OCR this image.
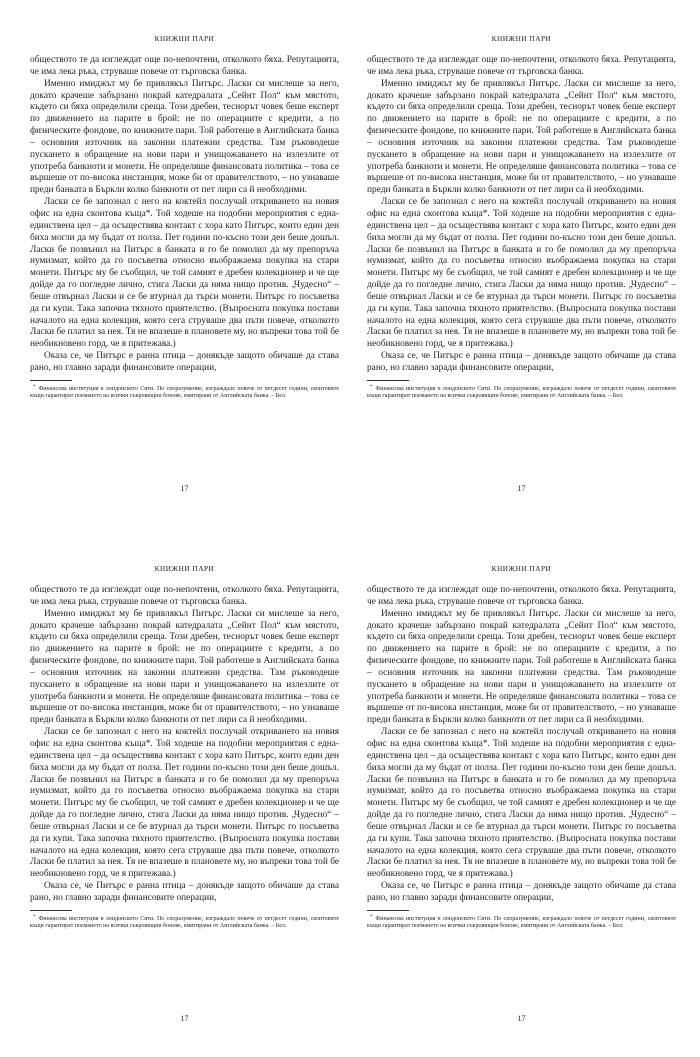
КНИЖНИ ПАРИ

обществото те да изглеждат още по-непочтени, отколкото бяха. Репутацията, че има лека ръка, струваше повече от търговска банка.

Именно имиджът му бе привлякъл Питърс. Ласки си мислеше за него, докато крачеше забързано покрай катедралата „Сейнт Пол“ към мястото, където си бяха определили среща. Този дребен, теснорът човек беше експерт по движението на парите в брой: не по операциите с кредити, а по физическите фондове, по книжните пари. Той работеше в Английската банка – основния източник на законни платежни средства. Там ръководеше пускането в обращение на нови пари и унищожаването на излезлите от употреба банкноти и монети. Не определяше финансовата политика – това се вършеше от по-висока инстанция, може би от правителството, – но узнаваше преди банката в Бъркли колко банкноти от пет лири са й необходими.

Ласки се бе запознал с него на коктейл послучай откриването на новия офис на една сконтова къща*. Той ходеше на подобни мероприятия с една-единствена цел – да осъществява контакт с хора като Питърс, които един ден биха могли да му бъдат от полза. Пет години по-късно този ден беше дошъл. Ласки бе позвънил на Питърс в банката и го бе помолил да му препоръча нумизмат, който да го посъветва относно въображаема покупка на стари монети. Питърс му бе съобщил, че той самият е дребен колекционер и че ще дойде да го погледне лично, стига Ласки да няма нищо против. „Чудесно“ – беше отвърнал Ласки и се бе втурнал да търси монети. Питърс го посъветва да ги купи. Така започна тяхното приятелство. (Въпросната покупка постави началото на една колекция, която сега струваше два пъти повече, отколкото Ласки бе платил за нея. Тя не впазеше в плановете му, но въпреки това той бе необикновено горд, че я притежава.)

Оказа се, че Питърс е ранна птица – донякъде защото обичаше да става рано, но главно заради финансовите операции,

* Финансова институция в лондонското Сити. По споразумение, изграждало повече от петдесет години, сконтовите къщи гарантират поемането на всички съкровищни бонове, емитирани от Английската банка. – Бел.
17
КНИЖНИ ПАРИ

обществото те да изглеждат още по-непочтени, отколкото бяха. Репутацията, че има лека ръка, струваше повече от търговска банка.

Именно имиджът му бе привлякъл Питърс. Ласки си мислеше за него, докато крачеше забързано покрай катедралата „Сейнт Пол“ към мястото, където си бяха определили среща. Този дребен, теснорът човек беше експерт по движението на парите в брой: не по операциите с кредити, а по физическите фондове, по книжните пари. Той работеше в Английската банка – основния източник на законни платежни средства. Там ръководеше пускането в обращение на нови пари и унищожаването на излезлите от употреба банкноти и монети. Не определяше финансовата политика – това се вършеше от по-висока инстанция, може би от правителството, – но узнаваше преди банката в Бъркли колко банкноти от пет лири са й необходими.

Ласки се бе запознал с него на коктейл послучай откриването на новия офис на една сконтова къща*. Той ходеше на подобни мероприятия с една-единствена цел – да осъществява контакт с хора като Питърс, които един ден биха могли да му бъдат от полза. Пет години по-късно този ден беше дошъл. Ласки бе позвънил на Питърс в банката и го бе помолил да му препоръча нумизмат, който да го посъветва относно въображаема покупка на стари монети. Питърс му бе съобщил, че той самият е дребен колекционер и че ще дойде да го погледне лично, стига Ласки да няма нищо против. „Чудесно“ – беше отвърнал Ласки и се бе втурнал да търси монети. Питърс го посъветва да ги купи. Така започна тяхното приятелство. (Въпросната покупка постави началото на една колекция, която сега струваше два пъти повече, отколкото Ласки бе платил за нея. Тя не впазеше в плановете му, но въпреки това той бе необикновено горд, че я притежава.)

Оказа се, че Питърс е ранна птица – донякъде защото обичаше да става рано, но главно заради финансовите операции,

* Финансова институция в лондонското Сити. По споразумение, изграждало повече от петдесет години, сконтовите къщи гарантират поемането на всички съкровищни бонове, емитирани от Английската банка. – Бел.
17
КНИЖНИ ПАРИ

обществото те да изглеждат още по-непочтени, отколкото бяха. Репутацията, че има лека ръка, струваше повече от търговска банка.

Именно имиджът му бе привлякъл Питърс. Ласки си мислеше за него, докато крачеше забързано покрай катедралата „Сейнт Пол“ към мястото, където си бяха определили среща. Този дребен, теснорът човек беше експерт по движението на парите в брой: не по операциите с кредити, а по физическите фондове, по книжните пари. Той работеше в Английската банка – основния източник на законни платежни средства. Там ръководеше пускането в обращение на нови пари и унищожаването на излезлите от употреба банкноти и монети. Не определяше финансовата политика – това се вършеше от по-висока инстанция, може би от правителството, – но узнаваше преди банката в Бъркли колко банкноти от пет лири са й необходими.

Ласки се бе запознал с него на коктейл послучай откриването на новия офис на една сконтова къща*. Той ходеше на подобни мероприятия с една-единствена цел – да осъществява контакт с хора като Питърс, които един ден биха могли да му бъдат от полза. Пет години по-късно този ден беше дошъл. Ласки бе позвънил на Питърс в банката и го бе помолил да му препоръча нумизмат, който да го посъветва относно въображаема покупка на стари монети. Питърс му бе съобщил, че той самият е дребен колекционер и че ще дойде да го погледне лично, стига Ласки да няма нищо против. „Чудесно“ – беше отвърнал Ласки и се бе втурнал да търси монети. Питърс го посъветва да ги купи. Така започна тяхното приятелство. (Въпросната покупка постави началото на една колекция, която сега струваше два пъти повече, отколкото Ласки бе платил за нея. Тя не впазеше в плановете му, но въпреки това той бе необикновено горд, че я притежава.)

Оказа се, че Питърс е ранна птица – донякъде защото обичаше да става рано, но главно заради финансовите операции,

* Финансова институция в лондонското Сити. По споразумение, изграждало повече от петдесет години, сконтовите къщи гарантират поемането на всички съкровищни бонове, емитирани от Английската банка. – Бел.
17
КНИЖНИ ПАРИ

обществото те да изглеждат още по-непочтени, отколкото бяха. Репутацията, че има лека ръка, струваше повече от търговска банка.

Именно имиджът му бе привлякъл Питърс. Ласки си мислеше за него, докато крачеше забързано покрай катедралата „Сейнт Пол“ към мястото, където си бяха определили среща. Този дребен, теснорът човек беше експерт по движението на парите в брой: не по операциите с кредити, а по физическите фондове, по книжните пари. Той работеше в Английската банка – основния източник на законни платежни средства. Там ръководеше пускането в обращение на нови пари и унищожаването на излезлите от употреба банкноти и монети. Не определяше финансовата политика – това се вършеше от по-висока инстанция, може би от правителството, – но узнаваше преди банката в Бъркли колко банкноти от пет лири са й необходими.

Ласки се бе запознал с него на коктейл послучай откриването на новия офис на една сконтова къща*. Той ходеше на подобни мероприятия с една-единствена цел – да осъществява контакт с хора като Питърс, които един ден биха могли да му бъдат от полза. Пет години по-късно този ден беше дошъл. Ласки бе позвънил на Питърс в банката и го бе помолил да му препоръча нумизмат, който да го посъветва относно въображаема покупка на стари монети. Питърс му бе съобщил, че той самият е дребен колекционер и че ще дойде да го погледне лично, стига Ласки да няма нищо против. „Чудесно“ – беше отвърнал Ласки и се бе втурнал да търси монети. Питърс го посъветва да ги купи. Така започна тяхното приятелство. (Въпросната покупка постави началото на една колекция, която сега струваше два пъти повече, отколкото Ласки бе платил за нея. Тя не впазеше в плановете му, но въпреки това той бе необикновено горд, че я притежава.)

Оказа се, че Питърс е ранна птица – донякъде защото обичаше да става рано, но главно заради финансовите операции,

* Финансова институция в лондонското Сити. По споразумение, изграждало повече от петдесет години, сконтовите къщи гарантират поемането на всички съкровищни бонове, емитирани от Английската банка. – Бел.
17
